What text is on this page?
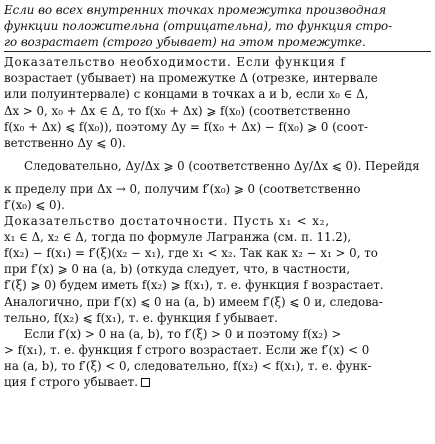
Если во всех внутренних точках промежутка производная
функции положительна (отрицательна), то функция стро-
го возрастает (строго убывает) на этом промежутке.
Доказательство необходимости. Если функция f
возрастает (убывает) на промежутке Δ (отрезке, интервале
или полуинтервале) с концами в точках a и b, если x₀ ∈ Δ,
Δx > 0, x₀ + Δx ∈ Δ, то f(x₀ + Δx) ⩾ f(x₀) (соответственно
f(x₀ + Δx) ⩽ f(x₀)), поэтому Δy = f(x₀ + Δx) − f(x₀) ⩾ 0 (соот-
ветственно Δy ⩽ 0).
Следовательно, Δy/Δx ⩾ 0 (соответственно Δy/Δx ⩽ 0). Перейдя
к пределу при Δx → 0, получим f′(x₀) ⩾ 0 (соответственно
f′(x₀) ⩽ 0).
Доказательство достаточности. Пусть x₁ < x₂,
x₁ ∈ Δ, x₂ ∈ Δ, тогда по формуле Лагранжа (см. п. 11.2),
f(x₂) − f(x₁) = f′(ξ)(x₂ − x₁), где x₁ < x₂. Так как x₂ − x₁ > 0, то
при f′(x) ⩾ 0 на (a, b) (откуда следует, что, в частности,
f′(ξ) ⩾ 0) будем иметь f(x₂) ⩾ f(x₁), т. е. функция f возрастает.
Аналогично, при f′(x) ⩽ 0 на (a, b) имеем f′(ξ) ⩽ 0 и, следова-
тельно, f(x₂) ⩽ f(x₁), т. е. функция f убывает.
Если f′(x) > 0 на (a, b), то f′(ξ) > 0 и поэтому f(x₂) >
> f(x₁), т. е. функция f строго возрастает. Если же f′(x) < 0
на (a, b), то f′(ξ) < 0, следовательно, f(x₂) < f(x₁), т. е. функ-
ция f строго убывает.
